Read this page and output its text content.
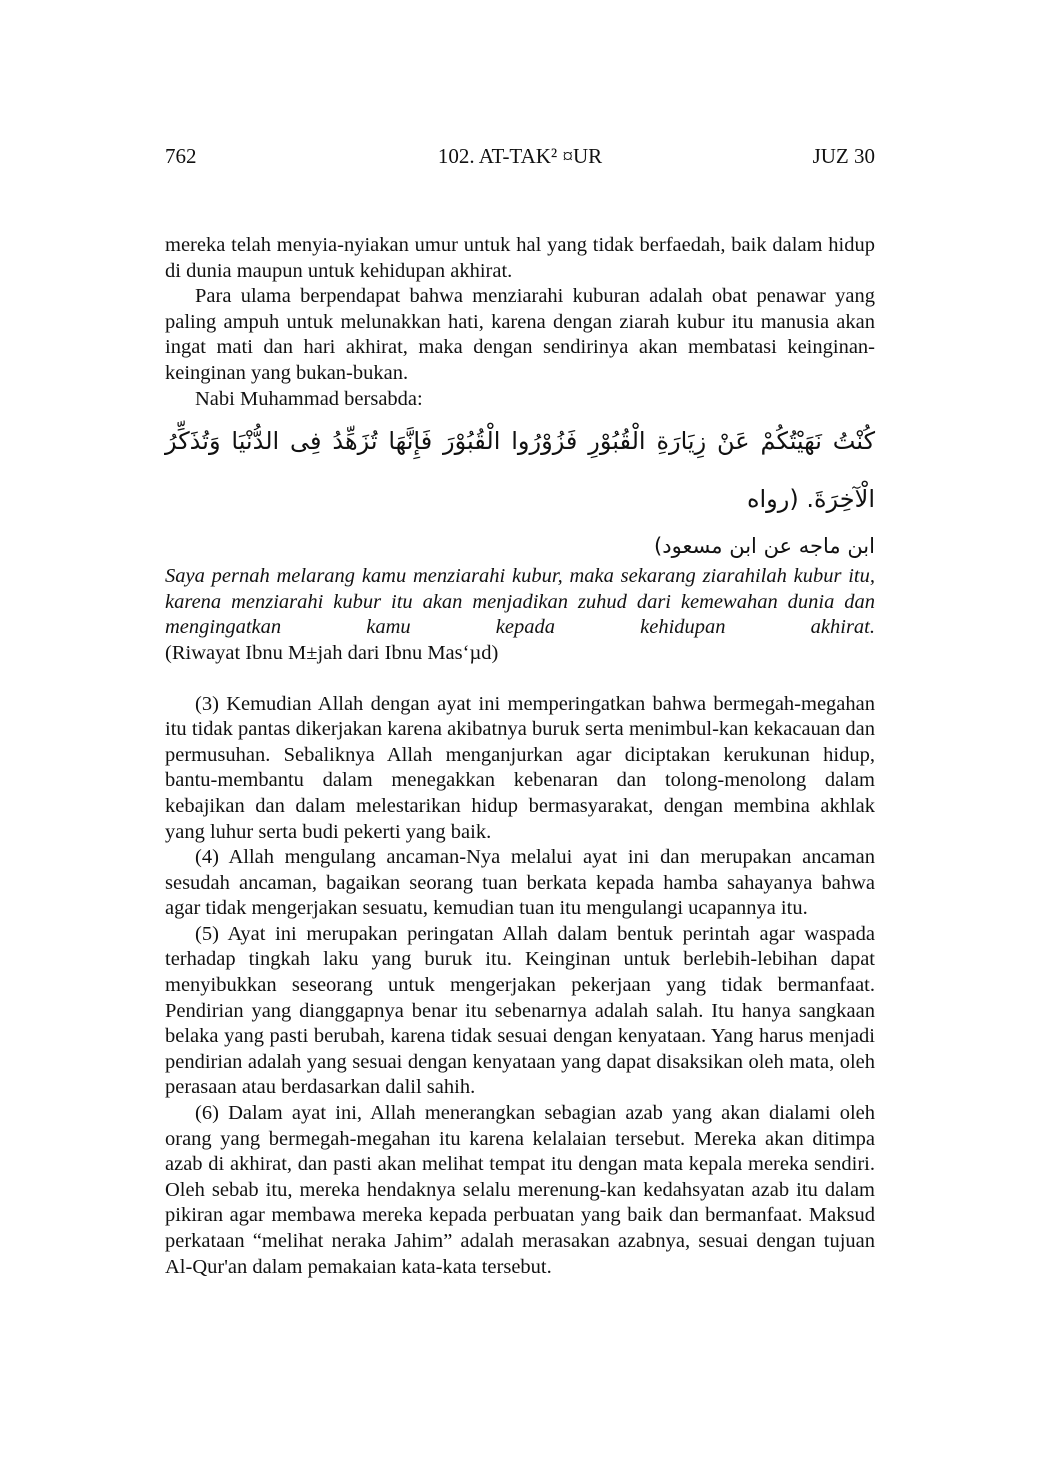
762	102. AT-TAK² ¤UR	JUZ 30

mereka telah menyia-nyiakan umur untuk hal yang tidak berfaedah, baik dalam hidup di dunia maupun untuk kehidupan akhirat.

Para ulama berpendapat bahwa menziarahi kuburan adalah obat penawar yang paling ampuh untuk melunakkan hati, karena dengan ziarah kubur itu manusia akan ingat mati dan hari akhirat, maka dengan sendirinya akan membatasi keinginan-keinginan yang bukan-bukan.

Nabi Muhammad bersabda:

كُنْتُ نَهَيْتُكُمْ عَنْ زِيَارَةِ الْقُبُوْرِ فَزُوْرُوا الْقُبُوْرَ فَإِنَّهَا تُزَهِّدُ فِى الدُّنْيَا وَتُذَكِّرُ الْآخِرَةَ. (رواه

ابن ماجه عن ابن مسعود)

Saya pernah melarang kamu menziarahi kubur, maka sekarang ziarahilah kubur itu, karena menziarahi kubur itu akan menjadikan zuhud dari kemewahan dunia dan mengingatkan kamu kepada kehidupan akhirat.

(Riwayat Ibnu M±jah dari Ibnu Mas‘µd)

(3) Kemudian Allah dengan ayat ini memperingatkan bahwa bermegah-megahan itu tidak pantas dikerjakan karena akibatnya buruk serta menimbul-kan kekacauan dan permusuhan. Sebaliknya Allah menganjurkan agar diciptakan kerukunan hidup, bantu-membantu dalam menegakkan kebenaran dan tolong-menolong dalam kebajikan dan dalam melestarikan hidup bermasyarakat, dengan membina akhlak yang luhur serta budi pekerti yang baik.

(4) Allah mengulang ancaman-Nya melalui ayat ini dan merupakan ancaman sesudah ancaman, bagaikan seorang tuan berkata kepada hamba sahayanya bahwa agar tidak mengerjakan sesuatu, kemudian tuan itu mengulangi ucapannya itu.

(5) Ayat ini merupakan peringatan Allah dalam bentuk perintah agar waspada terhadap tingkah laku yang buruk itu. Keinginan untuk berlebih-lebihan dapat menyibukkan seseorang untuk mengerjakan pekerjaan yang tidak bermanfaat. Pendirian yang dianggapnya benar itu sebenarnya adalah salah. Itu hanya sangkaan belaka yang pasti berubah, karena tidak sesuai dengan kenyataan. Yang harus menjadi pendirian adalah yang sesuai dengan kenyataan yang dapat disaksikan oleh mata, oleh perasaan atau berdasarkan dalil sahih.

(6) Dalam ayat ini, Allah menerangkan sebagian azab yang akan dialami oleh orang yang bermegah-megahan itu karena kelalaian tersebut. Mereka akan ditimpa azab di akhirat, dan pasti akan melihat tempat itu dengan mata kepala mereka sendiri. Oleh sebab itu, mereka hendaknya selalu merenung-kan kedahsyatan azab itu dalam pikiran agar membawa mereka kepada perbuatan yang baik dan bermanfaat. Maksud perkataan “melihat neraka Jahim” adalah merasakan azabnya, sesuai dengan tujuan Al-Qur'an dalam pemakaian kata-kata tersebut.
